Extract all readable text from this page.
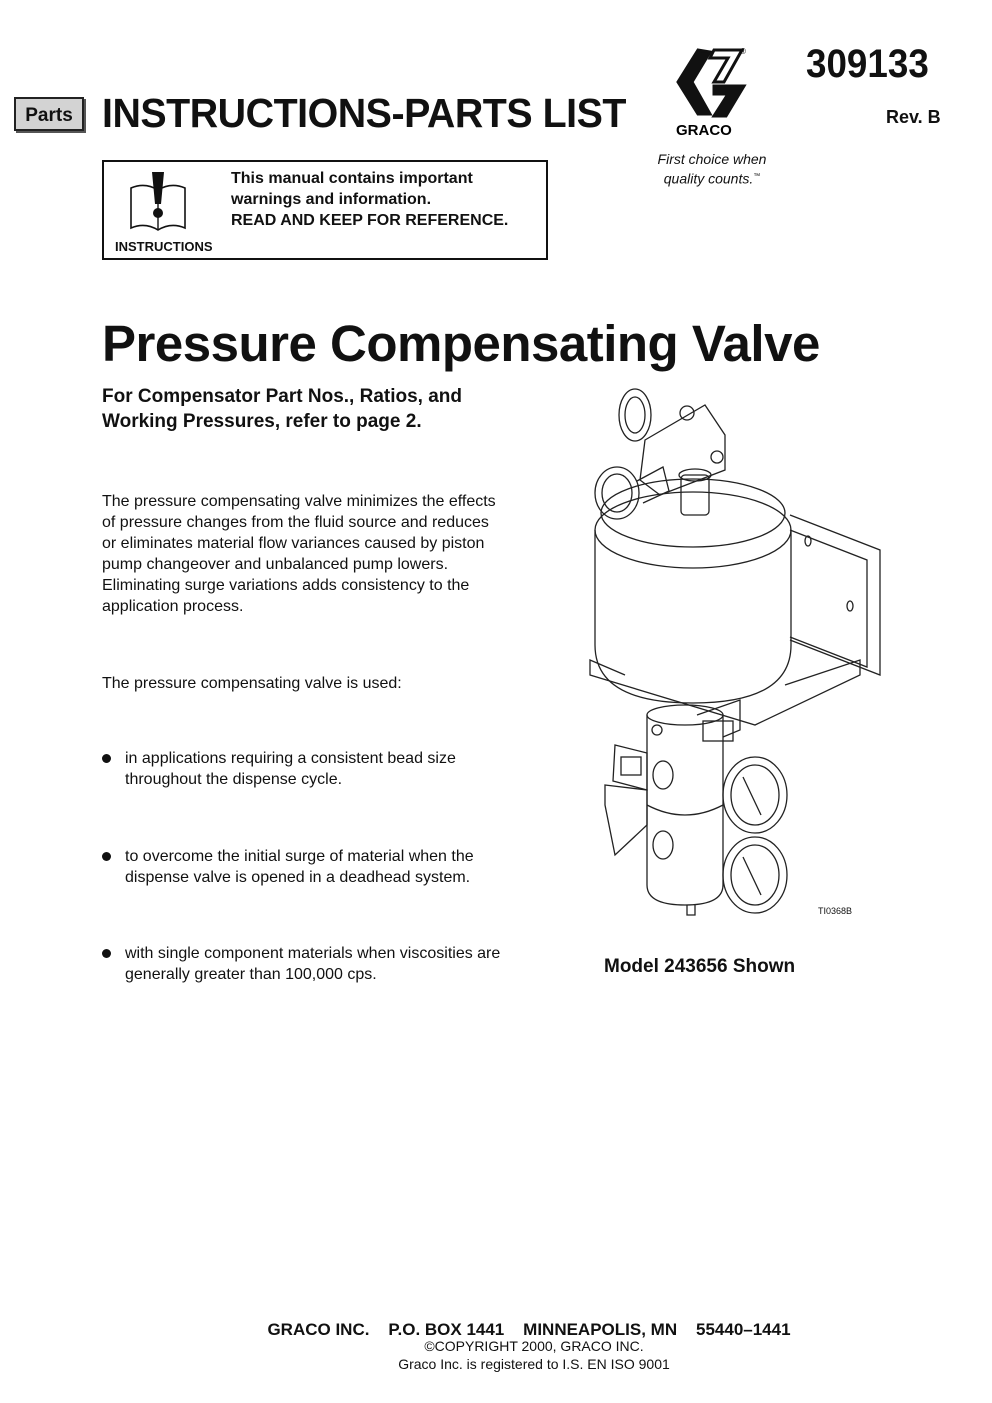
Parts INSTRUCTIONS-PARTS LIST
®
GRACO
309133
Rev. B
First choice when
quality counts.™
INSTRUCTIONS
This manual contains important
warnings and information.
READ AND KEEP FOR REFERENCE.
Pressure Compensating Valve
For Compensator Part Nos., Ratios, and Working Pressures, refer to page 2.
The pressure compensating valve minimizes the effects of pressure changes from the fluid source and reduces or eliminates material flow variances caused by piston pump changeover and unbalanced pump lowers. Eliminating surge variations adds consistency to the application process.
The pressure compensating valve is used:
in applications requiring a consistent bead size throughout the dispense cycle.
to overcome the initial surge of material when the dispense valve is opened in a deadhead system.
with single component materials when viscosities are generally greater than 100,000 cps.
TI0368B
Model 243656 Shown
GRACO INC.    P.O. BOX 1441    MINNEAPOLIS, MN    55440–1441
©COPYRIGHT 2000, GRACO INC.
Graco Inc. is registered to I.S. EN ISO 9001
